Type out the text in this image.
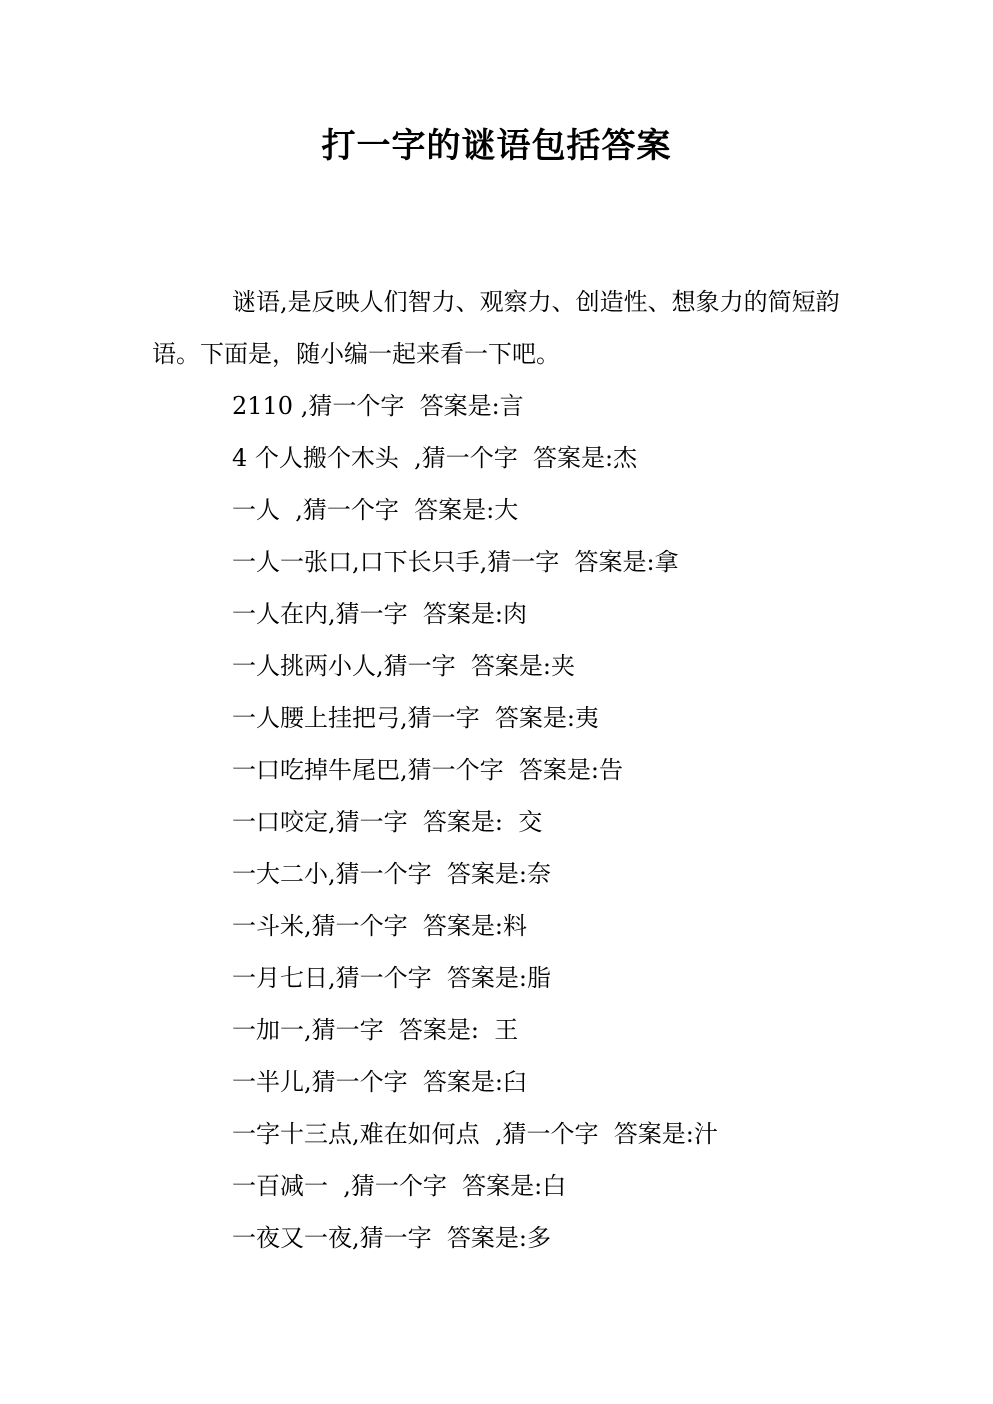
打一字的谜语包括答案

谜语,是反映人们智力、观察力、创造性、想象力的简短韵语。下面是，随小编一起来看一下吧。

2110 ,猜一个字  答案是:言
4 个人搬个木头  ,猜一个字  答案是:杰
一人  ,猜一个字  答案是:大
一人一张口,口下长只手,猜一字  答案是:拿
一人在内,猜一字  答案是:肉
一人挑两小人,猜一字  答案是:夹
一人腰上挂把弓,猜一字  答案是:夷
一口吃掉牛尾巴,猜一个字  答案是:告
一口咬定,猜一字  答案是:  交
一大二小,猜一个字  答案是:奈
一斗米,猜一个字  答案是:料
一月七日,猜一个字  答案是:脂
一加一,猜一字  答案是:  王
一半儿,猜一个字  答案是:臼
一字十三点,难在如何点  ,猜一个字  答案是:汁
一百减一  ,猜一个字  答案是:白
一夜又一夜,猜一字  答案是:多
